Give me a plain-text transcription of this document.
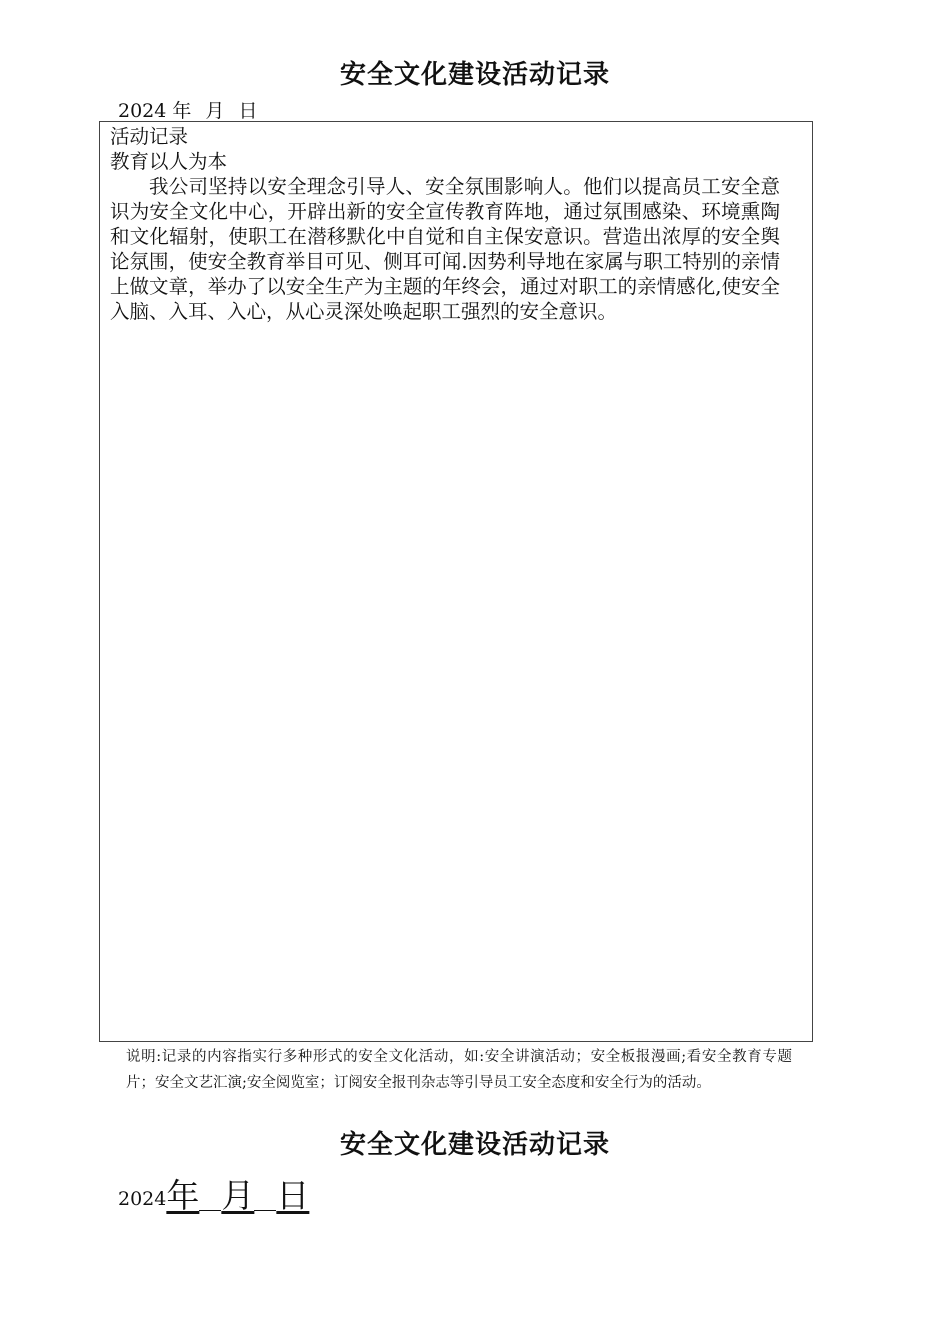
安全文化建设活动记录
2024 年 月 日
活动记录
教育以人为本

我公司坚持以安全理念引导人、安全氛围影响人。他们以提高员工安全意识为安全文化中心，开辟出新的安全宣传教育阵地，通过氛围感染、环境熏陶和文化辐射，使职工在潜移默化中自觉和自主保安意识。营造出浓厚的安全舆论氛围，使安全教育举目可见、侧耳可闻.因势利导地在家属与职工特别的亲情上做文章，举办了以安全生产为主题的年终会，通过对职工的亲情感化,使安全入脑、入耳、入心，从心灵深处唤起职工强烈的安全意识。

说明:记录的内容指实行多种形式的安全文化活动，如:安全讲演活动；安全板报漫画;看安全教育专题片；安全文艺汇演;安全阅览室；订阅安全报刊杂志等引导员工安全态度和安全行为的活动。
安全文化建设活动记录
2024年 月 日
